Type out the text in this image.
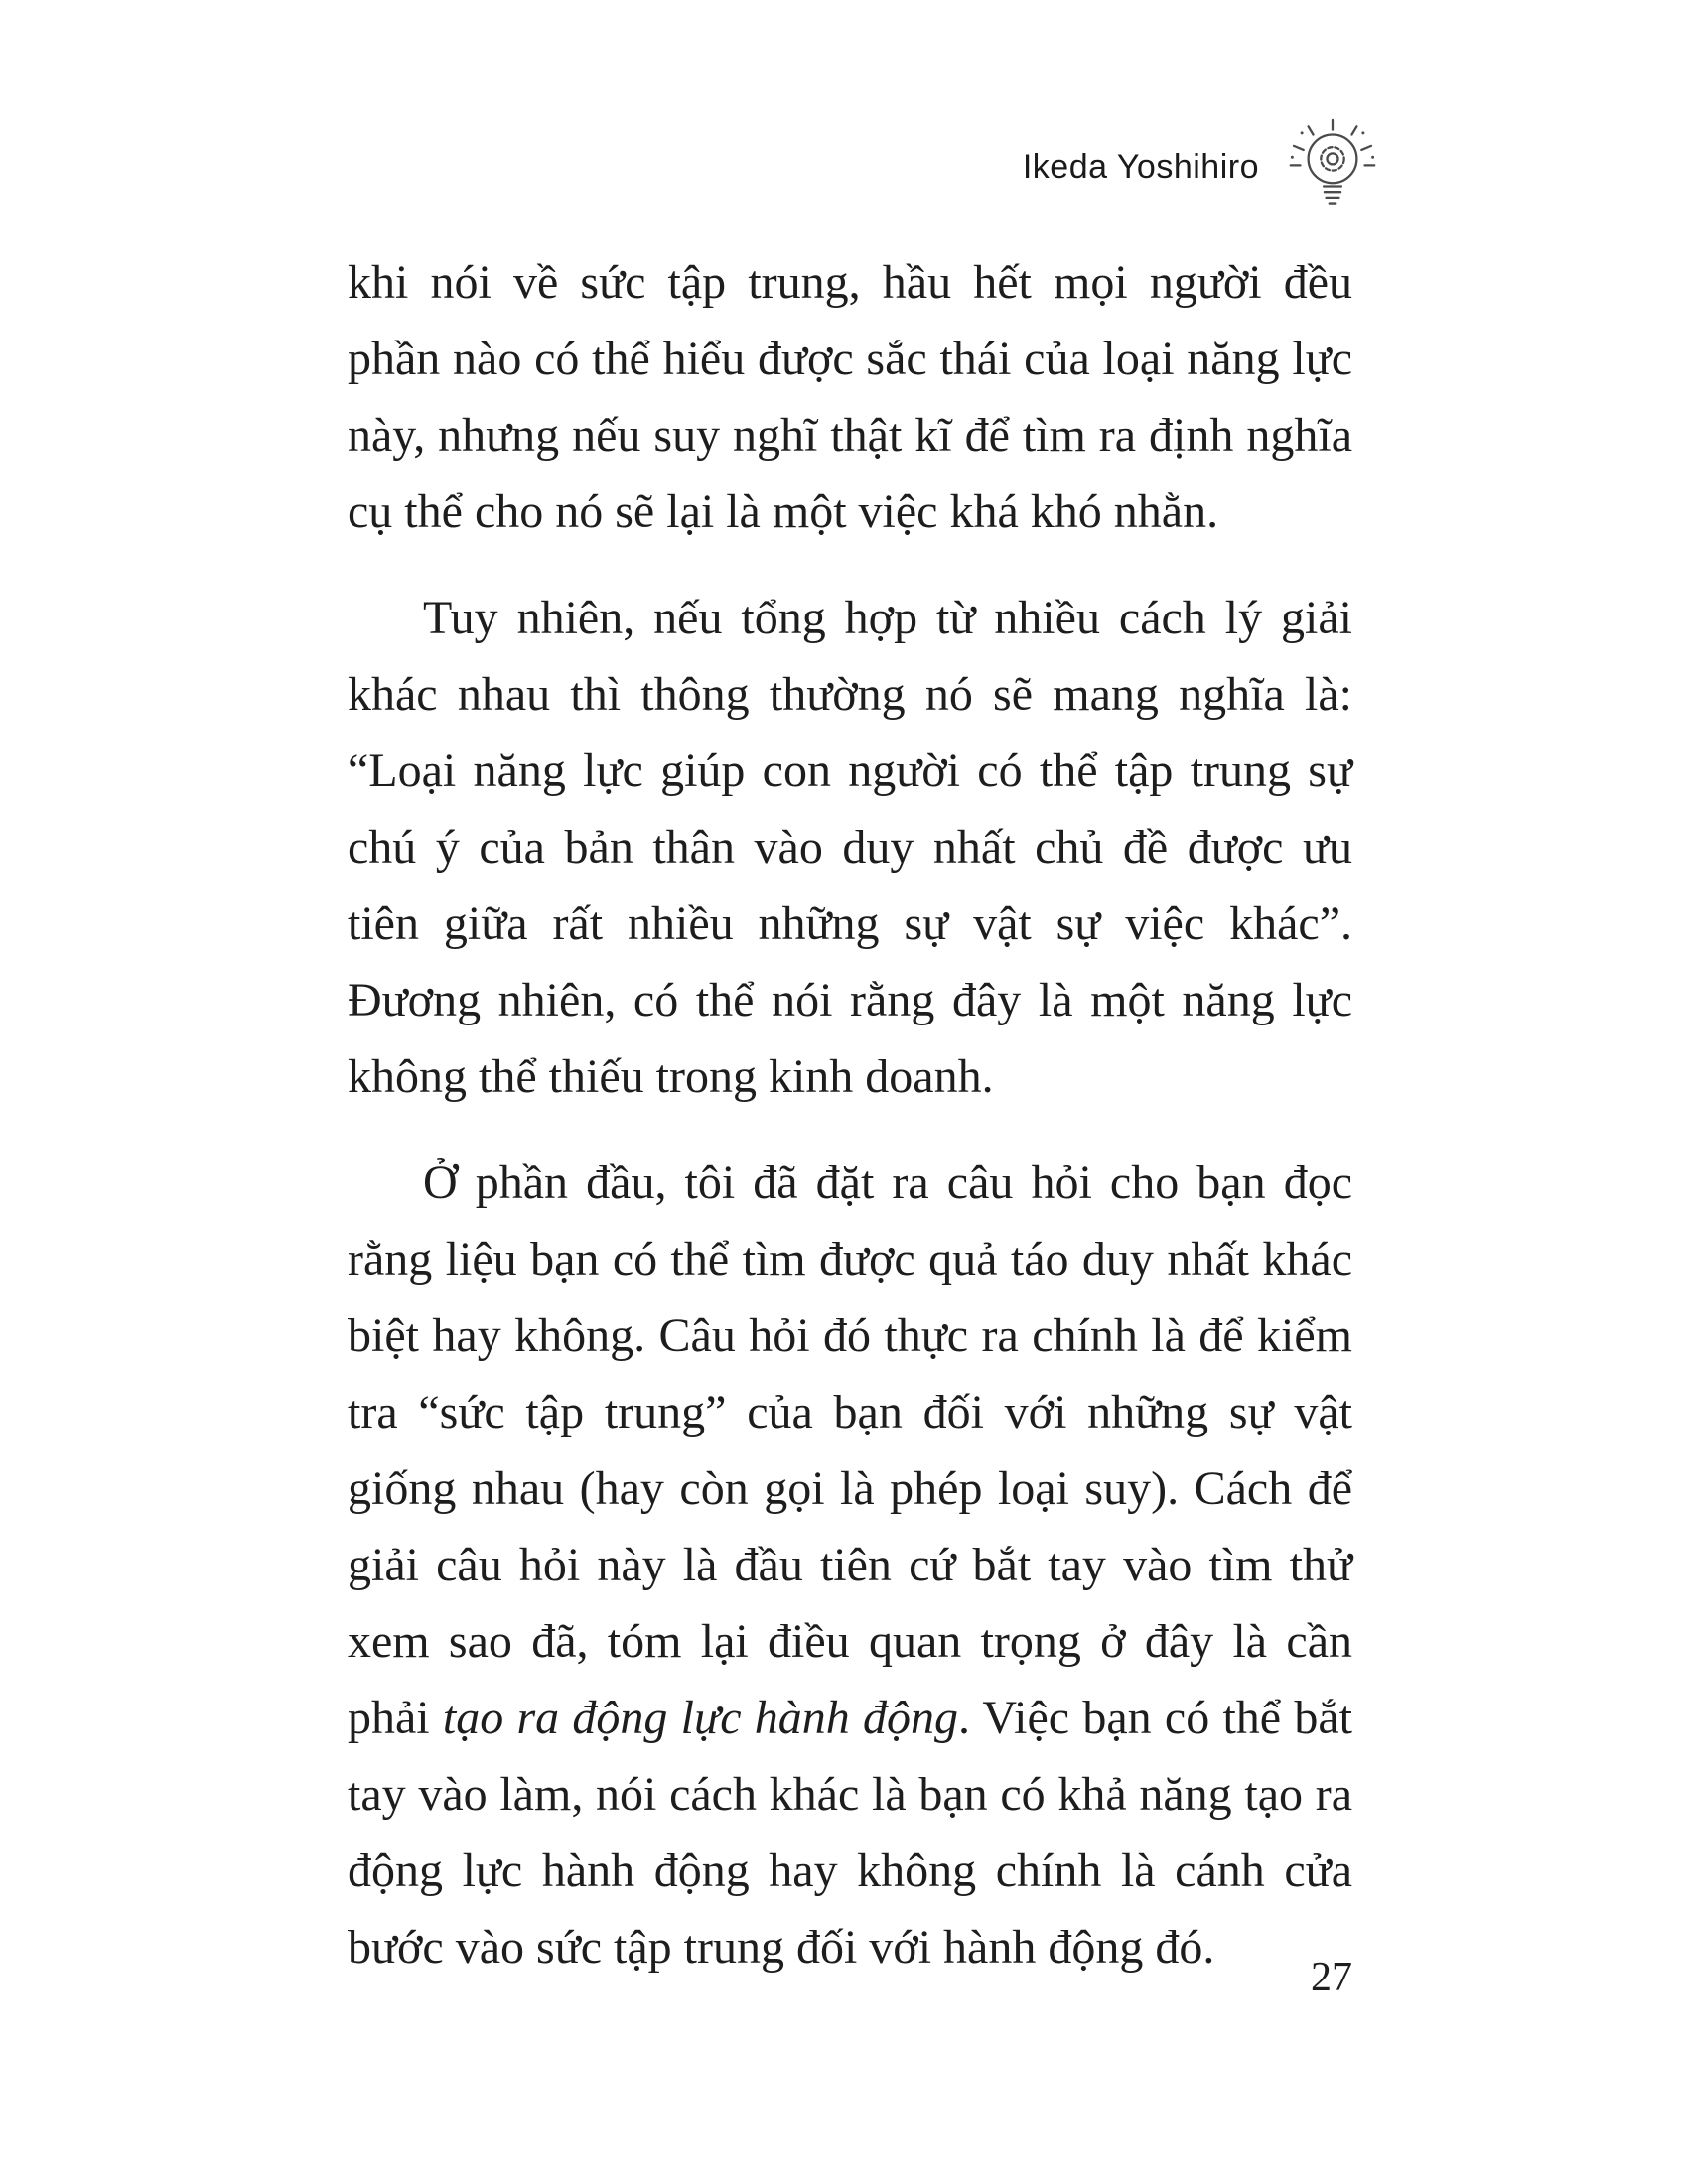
Ikeda Yoshihiro

khi nói về sức tập trung, hầu hết mọi người đều phần nào có thể hiểu được sắc thái của loại năng lực này, nhưng nếu suy nghĩ thật kĩ để tìm ra định nghĩa cụ thể cho nó sẽ lại là một việc khá khó nhằn.

Tuy nhiên, nếu tổng hợp từ nhiều cách lý giải khác nhau thì thông thường nó sẽ mang nghĩa là: “Loại năng lực giúp con người có thể tập trung sự chú ý của bản thân vào duy nhất chủ đề được ưu tiên giữa rất nhiều những sự vật sự việc khác”. Đương nhiên, có thể nói rằng đây là một năng lực không thể thiếu trong kinh doanh.

Ở phần đầu, tôi đã đặt ra câu hỏi cho bạn đọc rằng liệu bạn có thể tìm được quả táo duy nhất khác biệt hay không. Câu hỏi đó thực ra chính là để kiểm tra “sức tập trung” của bạn đối với những sự vật giống nhau (hay còn gọi là phép loại suy). Cách để giải câu hỏi này là đầu tiên cứ bắt tay vào tìm thử xem sao đã, tóm lại điều quan trọng ở đây là cần phải tạo ra động lực hành động. Việc bạn có thể bắt tay vào làm, nói cách khác là bạn có khả năng tạo ra động lực hành động hay không chính là cánh cửa bước vào sức tập trung đối với hành động đó.

27
